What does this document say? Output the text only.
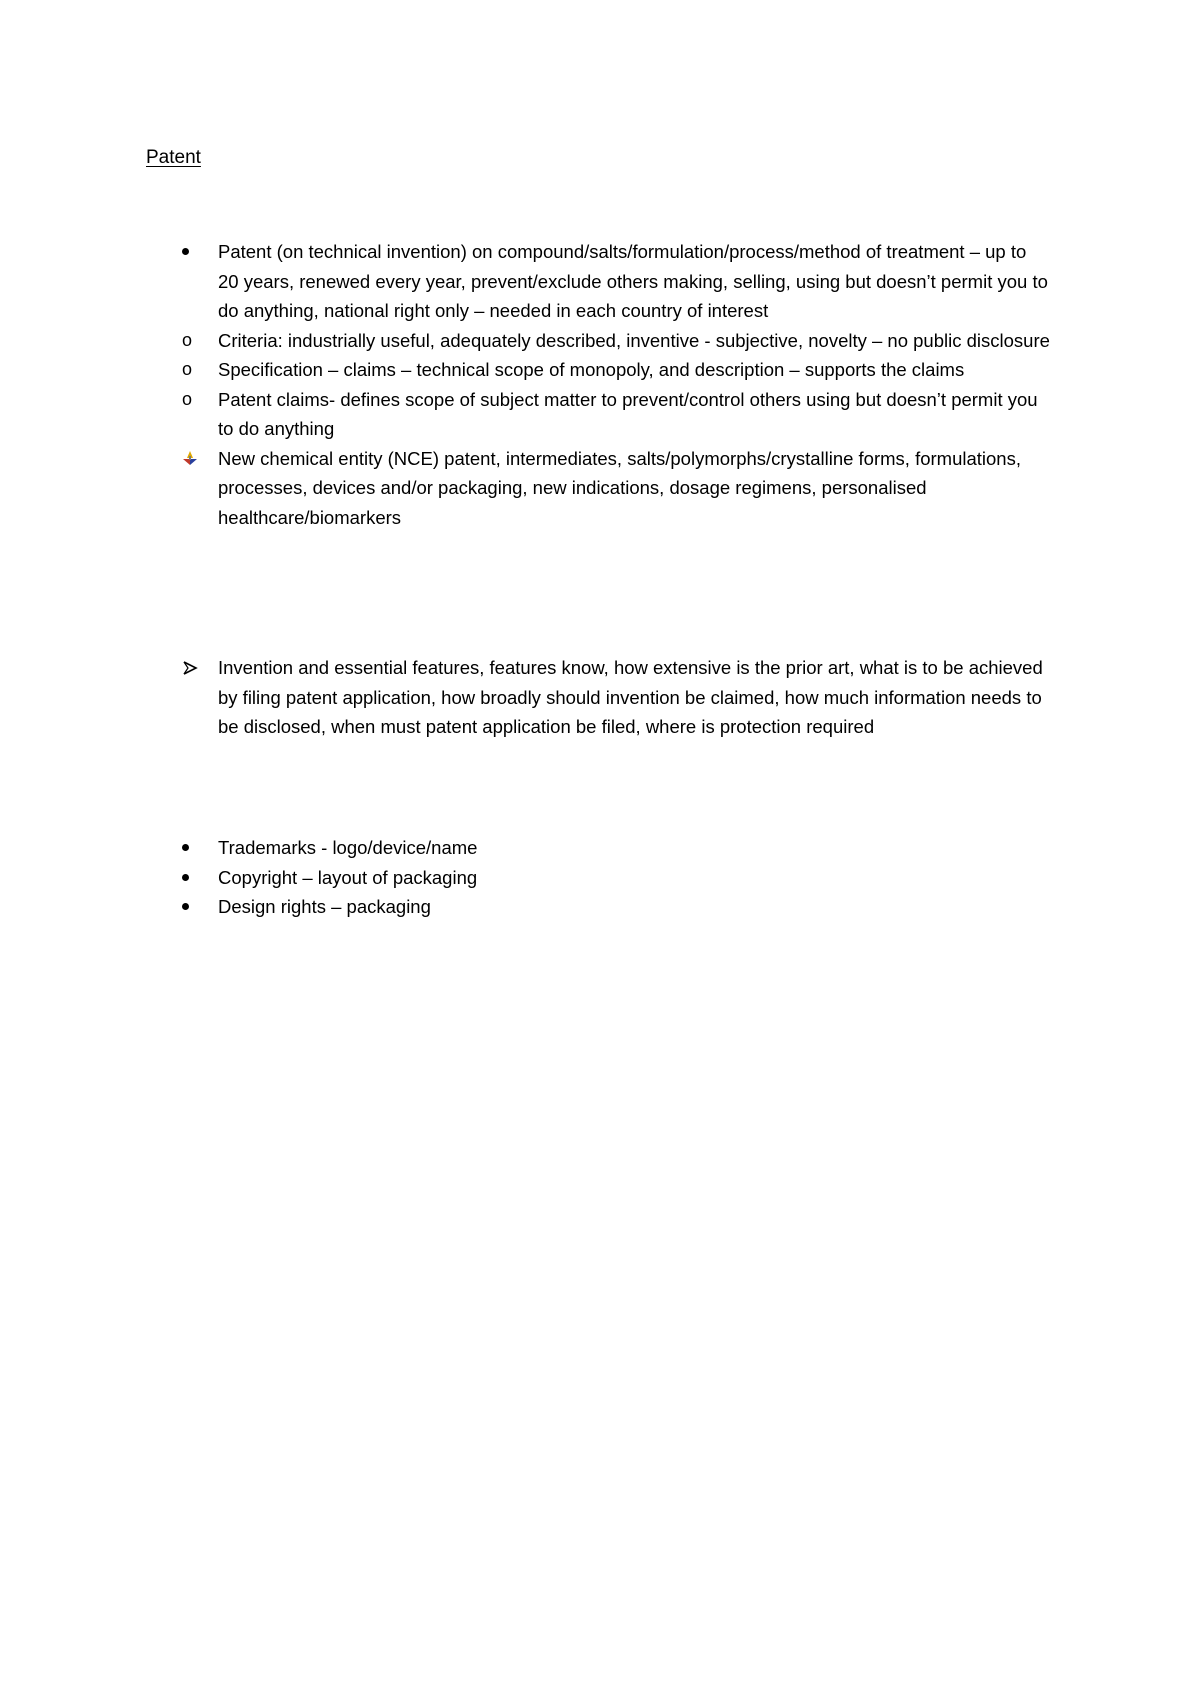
Patent
Patent (on technical invention) on compound/salts/formulation/process/method of treatment – up to 20 years, renewed every year, prevent/exclude others making, selling, using but doesn’t permit you to do anything, national right only – needed in each country of interest
o Criteria: industrially useful, adequately described, inventive - subjective, novelty – no public disclosure
o Specification – claims – technical scope of monopoly, and description – supports the claims
o Patent claims- defines scope of subject matter to prevent/control others using but doesn’t permit you to do anything
New chemical entity (NCE) patent, intermediates, salts/polymorphs/crystalline forms, formulations, processes, devices and/or packaging, new indications, dosage regimens, personalised healthcare/biomarkers
Invention and essential features, features know, how extensive is the prior art, what is to be achieved by filing patent application, how broadly should invention be claimed, how much information needs to be disclosed, when must patent application be filed, where is protection required
Trademarks - logo/device/name
Copyright – layout of packaging
Design rights – packaging
